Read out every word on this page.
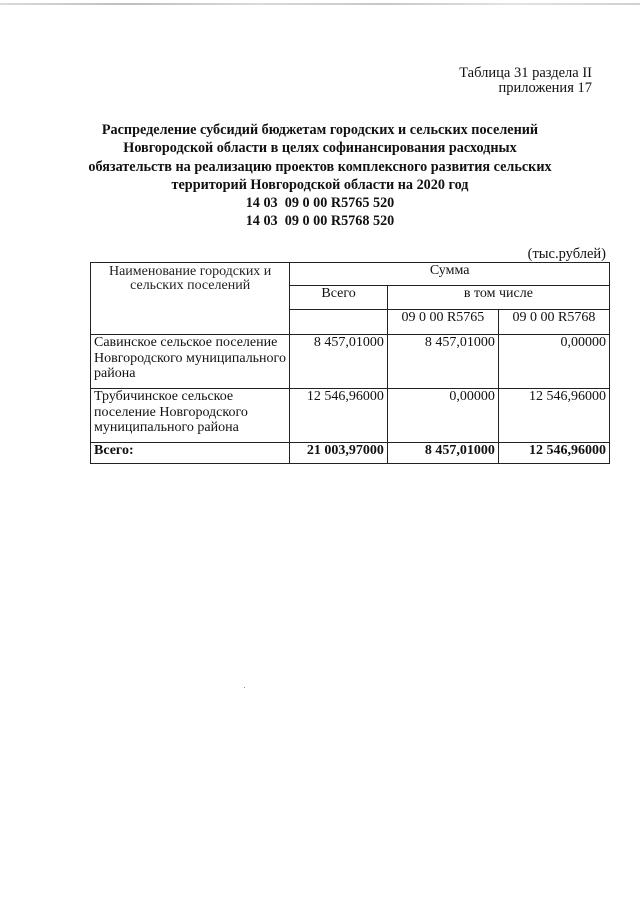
Таблица 31 раздела II
приложения 17
Распределение субсидий бюджетам городских и сельских поселений
Новгородской области в целях софинансирования расходных
обязательств на реализацию проектов комплексного развития сельских
территорий Новгородской области на 2020 год
14 03  09 0 00 R5765 520
14 03  09 0 00 R5768 520
(тыс.рублей)
Наименование городских и сельских поселений	Сумма		
	Всего	в том числе	
		09 0 00 R5765	09 0 00 R5768
Савинское сельское поселение Новгородского муниципального района	8 457,01000	8 457,01000	0,00000
Трубичинское сельское поселение Новгородского муниципального района	12 546,96000	0,00000	12 546,96000
Всего:	21 003,97000	8 457,01000	12 546,96000
